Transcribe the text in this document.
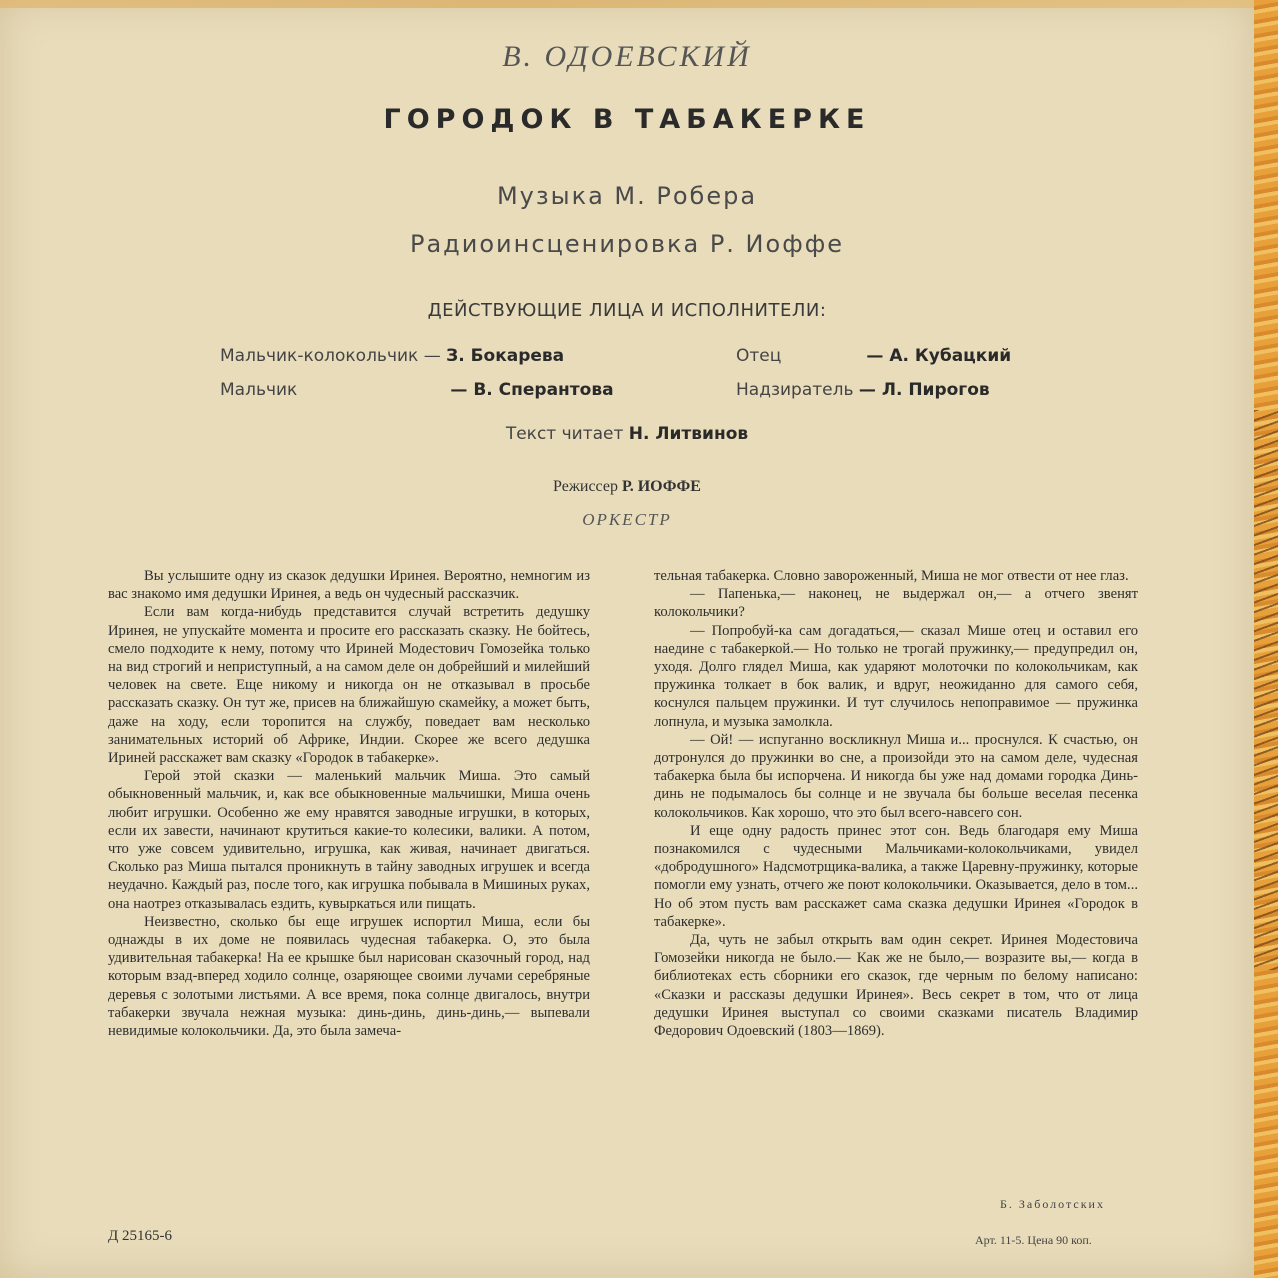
В. ОДОЕВСКИЙ
ГОРОДОК В ТАБАКЕРКЕ
Музыка М. Робера
Радиоинсценировка Р. Иоффе
ДЕЙСТВУЮЩИЕ ЛИЦА И ИСПОЛНИТЕЛИ:
Мальчик-колокольчик — З. Бокарева	Отец	— А. Кубацкий
Мальчик	— В. Сперантова	Надзиратель — Л. Пирогов
Текст читает Н. Литвинов
Режиссер Р. ИОФФЕ
ОРКЕСТР

Вы услышите одну из сказок дедушки Иринея. Вероятно, немногим из вас знакомо имя дедушки Иринея, а ведь он чудесный рассказчик.

Если вам когда-нибудь представится случай встретить дедушку Иринея, не упускайте момента и просите его рассказать сказку. Не бойтесь, смело подходите к нему, потому что Ириней Модестович Гомозейка только на вид строгий и неприступный, а на самом деле он добрейший и милейший человек на свете. Еще никому и никогда он не отказывал в просьбе рассказать сказку. Он тут же, присев на ближайшую скамейку, а может быть, даже на ходу, если торопится на службу, поведает вам несколько занимательных историй об Африке, Индии. Скорее же всего дедушка Ириней расскажет вам сказку «Городок в табакерке».

Герой этой сказки — маленький мальчик Миша. Это самый обыкновенный мальчик, и, как все обыкновенные мальчишки, Миша очень любит игрушки. Особенно же ему нравятся заводные игрушки, в которых, если их завести, начинают крутиться какие-то колесики, валики. А потом, что уже совсем удивительно, игрушка, как живая, начинает двигаться. Сколько раз Миша пытался проникнуть в тайну заводных игрушек и всегда неудачно. Каждый раз, после того, как игрушка побывала в Мишиных руках, она наотрез отказывалась ездить, кувыркаться или пищать.

Неизвестно, сколько бы еще игрушек испортил Миша, если бы однажды в их доме не появилась чудесная табакерка. О, это была удивительная табакерка! На ее крышке был нарисован сказочный город, над которым взад-вперед ходило солнце, озаряющее своими лучами серебряные деревья с золотыми листьями. А все время, пока солнце двигалось, внутри табакерки звучала нежная музыка: динь-динь, динь-динь,— выпевали невидимые колокольчики. Да, это была замеча-

тельная табакерка. Словно завороженный, Миша не мог отвести от нее глаз.

— Папенька,— наконец, не выдержал он,— а отчего звенят колокольчики?

— Попробуй-ка сам догадаться,— сказал Мише отец и оставил его наедине с табакеркой.— Но только не трогай пружинку,— предупредил он, уходя. Долго глядел Миша, как ударяют молоточки по колокольчикам, как пружинка толкает в бок валик, и вдруг, неожиданно для самого себя, коснулся пальцем пружинки. И тут случилось непоправимое — пружинка лопнула, и музыка замолкла.

— Ой! — испуганно воскликнул Миша и... проснулся. К счастью, он дотронулся до пружинки во сне, а произойди это на самом деле, чудесная табакерка была бы испорчена. И никогда бы уже над домами городка Динь-динь не подымалось бы солнце и не звучала бы больше веселая песенка колокольчиков. Как хорошо, что это был всего-навсего сон.

И еще одну радость принес этот сон. Ведь благодаря ему Миша познакомился с чудесными Мальчиками-колокольчиками, увидел «добродушного» Надсмотрщика-валика, а также Царевну-пружинку, которые помогли ему узнать, отчего же поют колокольчики. Оказывается, дело в том... Но об этом пусть вам расскажет сама сказка дедушки Иринея «Городок в табакерке».

Да, чуть не забыл открыть вам один секрет. Иринея Модестовича Гомозейки никогда не было.— Как же не было,— возразите вы,— когда в библиотеках есть сборники его сказок, где черным по белому написано: «Сказки и рассказы дедушки Иринея». Весь секрет в том, что от лица дедушки Иринея выступал со своими сказками писатель Владимир Федорович Одоевский (1803—1869).

Б. Заболотских
Д 25165-6	Арт. 11-5. Цена 90 коп.
